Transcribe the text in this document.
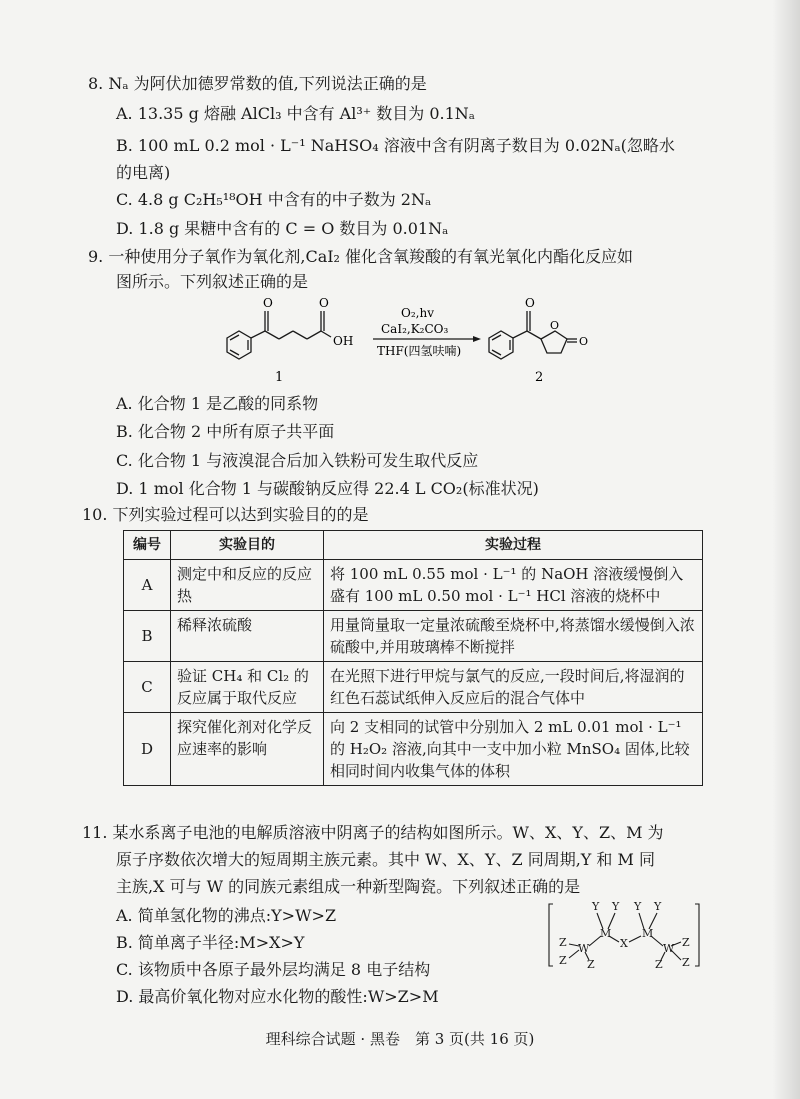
8. Nₐ 为阿伏加德罗常数的值,下列说法正确的是
A. 13.35 g 熔融 AlCl₃ 中含有 Al³⁺ 数目为 0.1Nₐ
B. 100 mL 0.2 mol · L⁻¹ NaHSO₄ 溶液中含有阴离子数目为 0.02Nₐ(忽略水
的电离)
C. 4.8 g C₂H₅¹⁸OH 中含有的中子数为 2Nₐ
D. 1.8 g 果糖中含有的 C = O 数目为 0.01Nₐ
9. 一种使用分子氧作为氧化剂,CaI₂ 催化含氧羧酸的有氧光氧化内酯化反应如
图所示。下列叙述正确的是
O	O
OH
1
O₂,hv
CaI₂,K₂CO₃
THF(四氢呋喃)
O
O
O
2
A. 化合物 1 是乙酸的同系物
B. 化合物 2 中所有原子共平面
C. 化合物 1 与液溴混合后加入铁粉可发生取代反应
D. 1 mol 化合物 1 与碳酸钠反应得 22.4 L CO₂(标准状况)
10. 下列实验过程可以达到实验目的的是
编号	实验目的	实验过程
A	测定中和反应的反应热	将 100 mL 0.55 mol · L⁻¹ 的 NaOH 溶液缓慢倒入盛有 100 mL 0.50 mol · L⁻¹ HCl 溶液的烧杯中
B	稀释浓硫酸	用量筒量取一定量浓硫酸至烧杯中,将蒸馏水缓慢倒入浓硫酸中,并用玻璃棒不断搅拌
C	验证 CH₄ 和 Cl₂ 的反应属于取代反应	在光照下进行甲烷与氯气的反应,一段时间后,将湿润的红色石蕊试纸伸入反应后的混合气体中
D	探究催化剂对化学反应速率的影响	向 2 支相同的试管中分别加入 2 mL 0.01 mol · L⁻¹ 的 H₂O₂ 溶液,向其中一支中加小粒 MnSO₄ 固体,比较相同时间内收集气体的体积
11. 某水系离子电池的电解质溶液中阴离子的结构如图所示。W、X、Y、Z、M 为
原子序数依次增大的短周期主族元素。其中 W、X、Y、Z 同周期,Y 和 M 同
主族,X 可与 W 的同族元素组成一种新型陶瓷。下列叙述正确的是
A. 简单氢化物的沸点:Y>W>Z
B. 简单离子半径:M>X>Y
C. 该物质中各原子最外层均满足 8 电子结构
D. 最高价氧化物对应水化物的酸性:W>Z>M
Y Y Y Y
M	M
X
W	W
Z
Z Z
Z
Z
Z
理科综合试题 · 黑卷　第 3 页(共 16 页)
